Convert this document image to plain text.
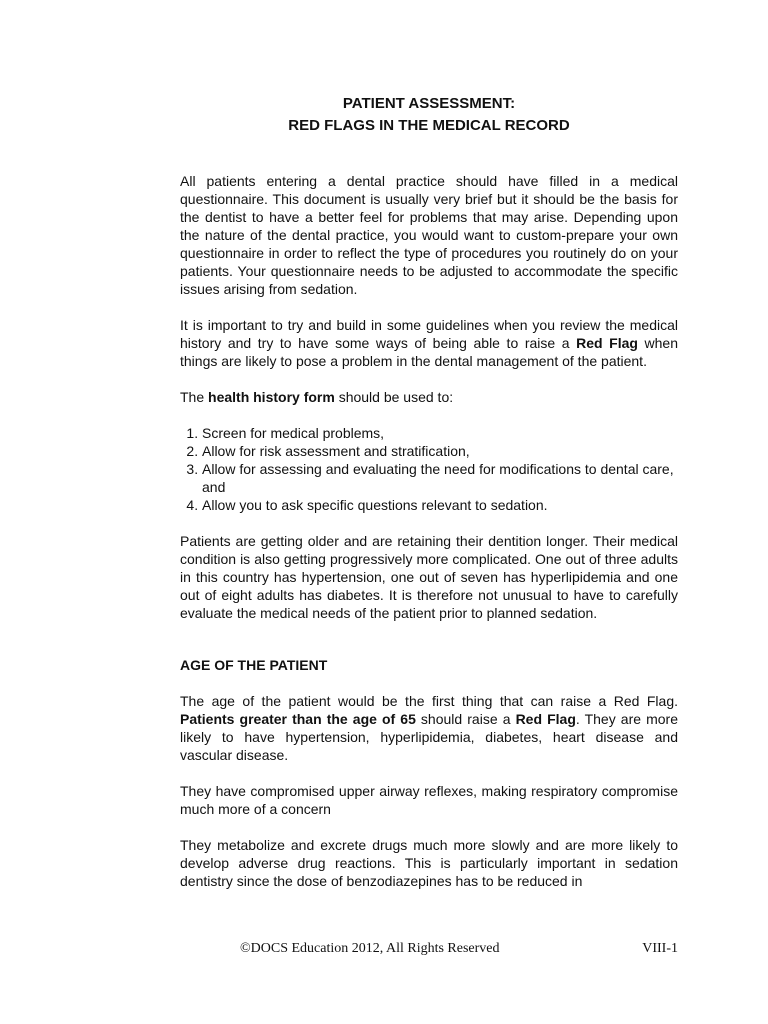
PATIENT ASSESSMENT:
RED FLAGS IN THE MEDICAL RECORD

All patients entering a dental practice should have filled in a medical questionnaire. This document is usually very brief but it should be the basis for the dentist to have a better feel for problems that may arise. Depending upon the nature of the dental practice, you would want to custom-prepare your own questionnaire in order to reflect the type of procedures you routinely do on your patients. Your questionnaire needs to be adjusted to accommodate the specific issues arising from sedation.

It is important to try and build in some guidelines when you review the medical history and try to have some ways of being able to raise a Red Flag when things are likely to pose a problem in the dental management of the patient.

The health history form should be used to:

1. Screen for medical problems,
2. Allow for risk assessment and stratification,
3. Allow for assessing and evaluating the need for modifications to dental care, and
4. Allow you to ask specific questions relevant to sedation.

Patients are getting older and are retaining their dentition longer. Their medical condition is also getting progressively more complicated. One out of three adults in this country has hypertension, one out of seven has hyperlipidemia and one out of eight adults has diabetes. It is therefore not unusual to have to carefully evaluate the medical needs of the patient prior to planned sedation.

AGE OF THE PATIENT

The age of the patient would be the first thing that can raise a Red Flag. Patients greater than the age of 65 should raise a Red Flag. They are more likely to have hypertension, hyperlipidemia, diabetes, heart disease and vascular disease.

They have compromised upper airway reflexes, making respiratory compromise much more of a concern

They metabolize and excrete drugs much more slowly and are more likely to develop adverse drug reactions. This is particularly important in sedation dentistry since the dose of benzodiazepines has to be reduced in

©DOCS Education 2012, All Rights Reserved	VIII-1
